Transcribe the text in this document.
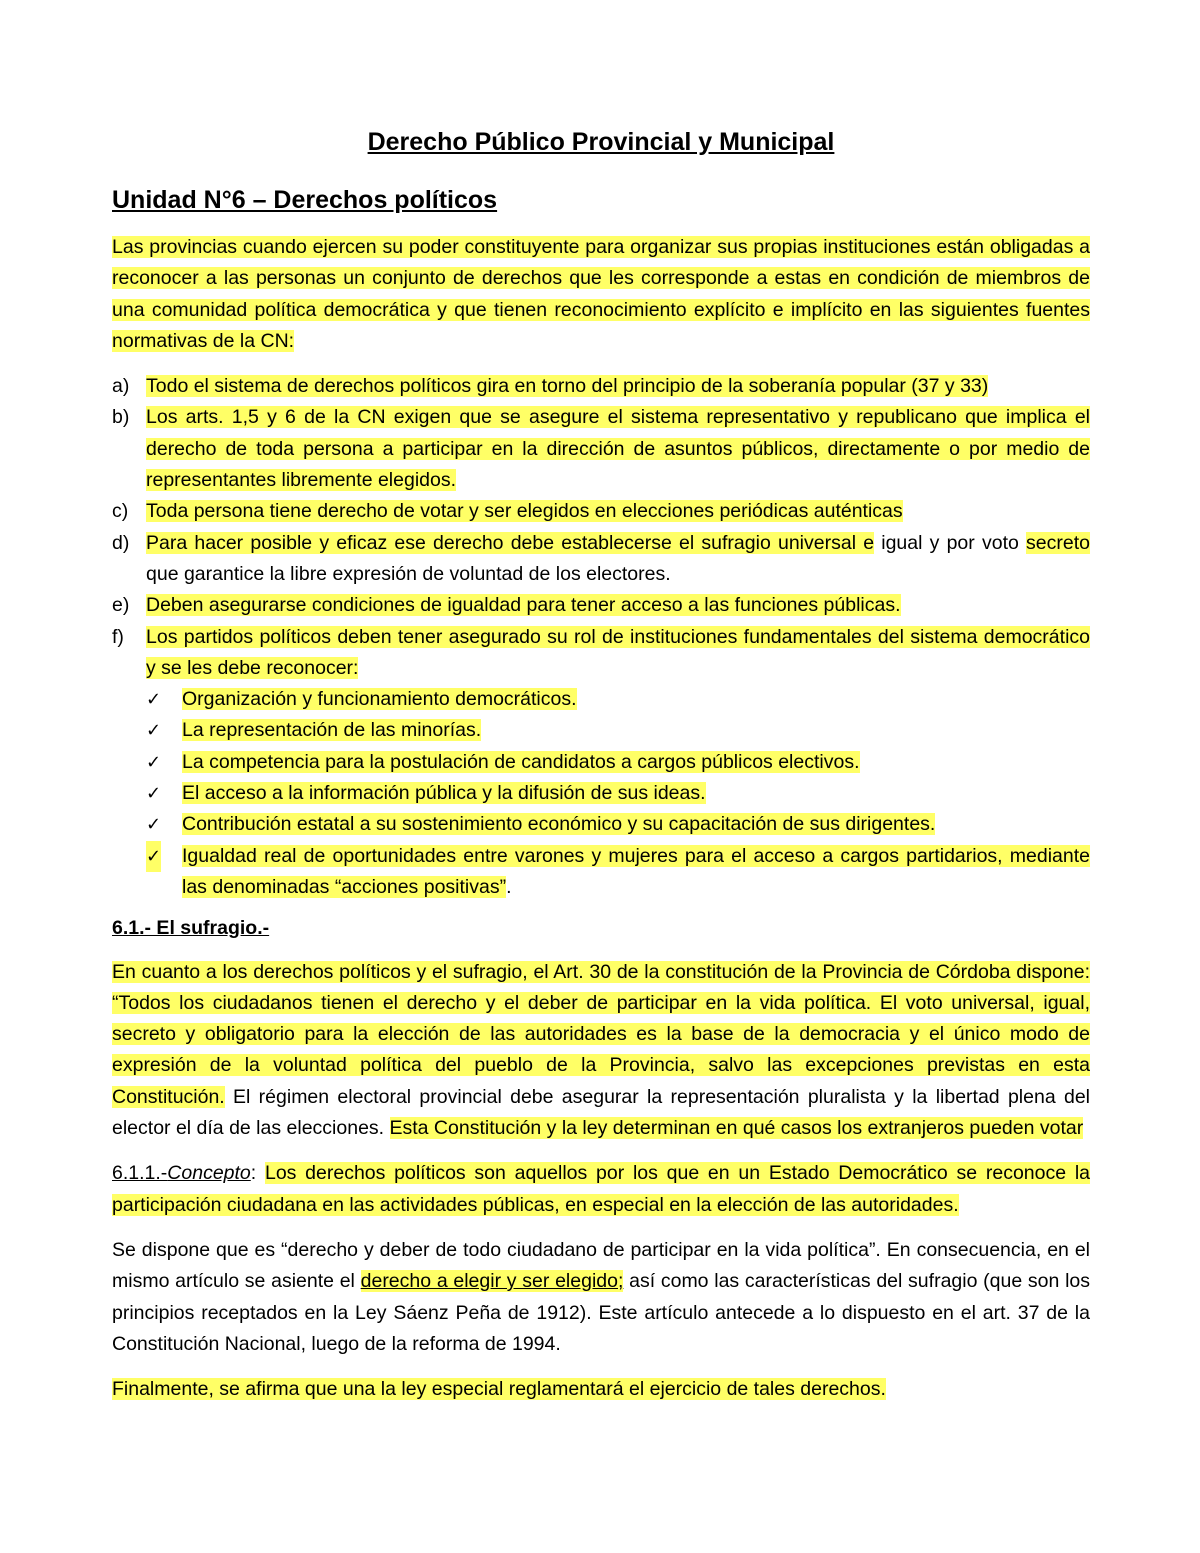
Derecho Público Provincial y Municipal
Unidad N°6 – Derechos políticos

Las provincias cuando ejercen su poder constituyente para organizar sus propias instituciones están obligadas a reconocer a las personas un conjunto de derechos que les corresponde a estas en condición de miembros de una comunidad política democrática y que tienen reconocimiento explícito e implícito en las siguientes fuentes normativas de la CN:

a) Todo el sistema de derechos políticos gira en torno del principio de la soberanía popular (37 y 33)
b) Los arts. 1,5 y 6 de la CN exigen que se asegure el sistema representativo y republicano que implica el derecho de toda persona a participar en la dirección de asuntos públicos, directamente o por medio de representantes libremente elegidos.
c) Toda persona tiene derecho de votar y ser elegidos en elecciones periódicas auténticas
d) Para hacer posible y eficaz ese derecho debe establecerse el sufragio universal e igual y por voto secreto que garantice la libre expresión de voluntad de los electores.
e) Deben asegurarse condiciones de igualdad para tener acceso a las funciones públicas.
f) Los partidos políticos deben tener asegurado su rol de instituciones fundamentales del sistema democrático y se les debe reconocer:
✓ Organización y funcionamiento democráticos.
✓ La representación de las minorías.
✓ La competencia para la postulación de candidatos a cargos públicos electivos.
✓ El acceso a la información pública y la difusión de sus ideas.
✓ Contribución estatal a su sostenimiento económico y su capacitación de sus dirigentes.
✓ Igualdad real de oportunidades entre varones y mujeres para el acceso a cargos partidarios, mediante las denominadas “acciones positivas”.
6.1.- El sufragio.-

En cuanto a los derechos políticos y el sufragio, el Art. 30 de la constitución de la Provincia de Córdoba dispone: “Todos los ciudadanos tienen el derecho y el deber de participar en la vida política. El voto universal, igual, secreto y obligatorio para la elección de las autoridades es la base de la democracia y el único modo de expresión de la voluntad política del pueblo de la Provincia, salvo las excepciones previstas en esta Constitución. El régimen electoral provincial debe asegurar la representación pluralista y la libertad plena del elector el día de las elecciones. Esta Constitución y la ley determinan en qué casos los extranjeros pueden votar

6.1.1.-Concepto: Los derechos políticos son aquellos por los que en un Estado Democrático se reconoce la participación ciudadana en las actividades públicas, en especial en la elección de las autoridades.

Se dispone que es “derecho y deber de todo ciudadano de participar en la vida política”. En consecuencia, en el mismo artículo se asiente el derecho a elegir y ser elegido; así como las características del sufragio (que son los principios receptados en la Ley Sáenz Peña de 1912). Este artículo antecede a lo dispuesto en el art. 37 de la Constitución Nacional, luego de la reforma de 1994.

Finalmente, se afirma que una la ley especial reglamentará el ejercicio de tales derechos.
